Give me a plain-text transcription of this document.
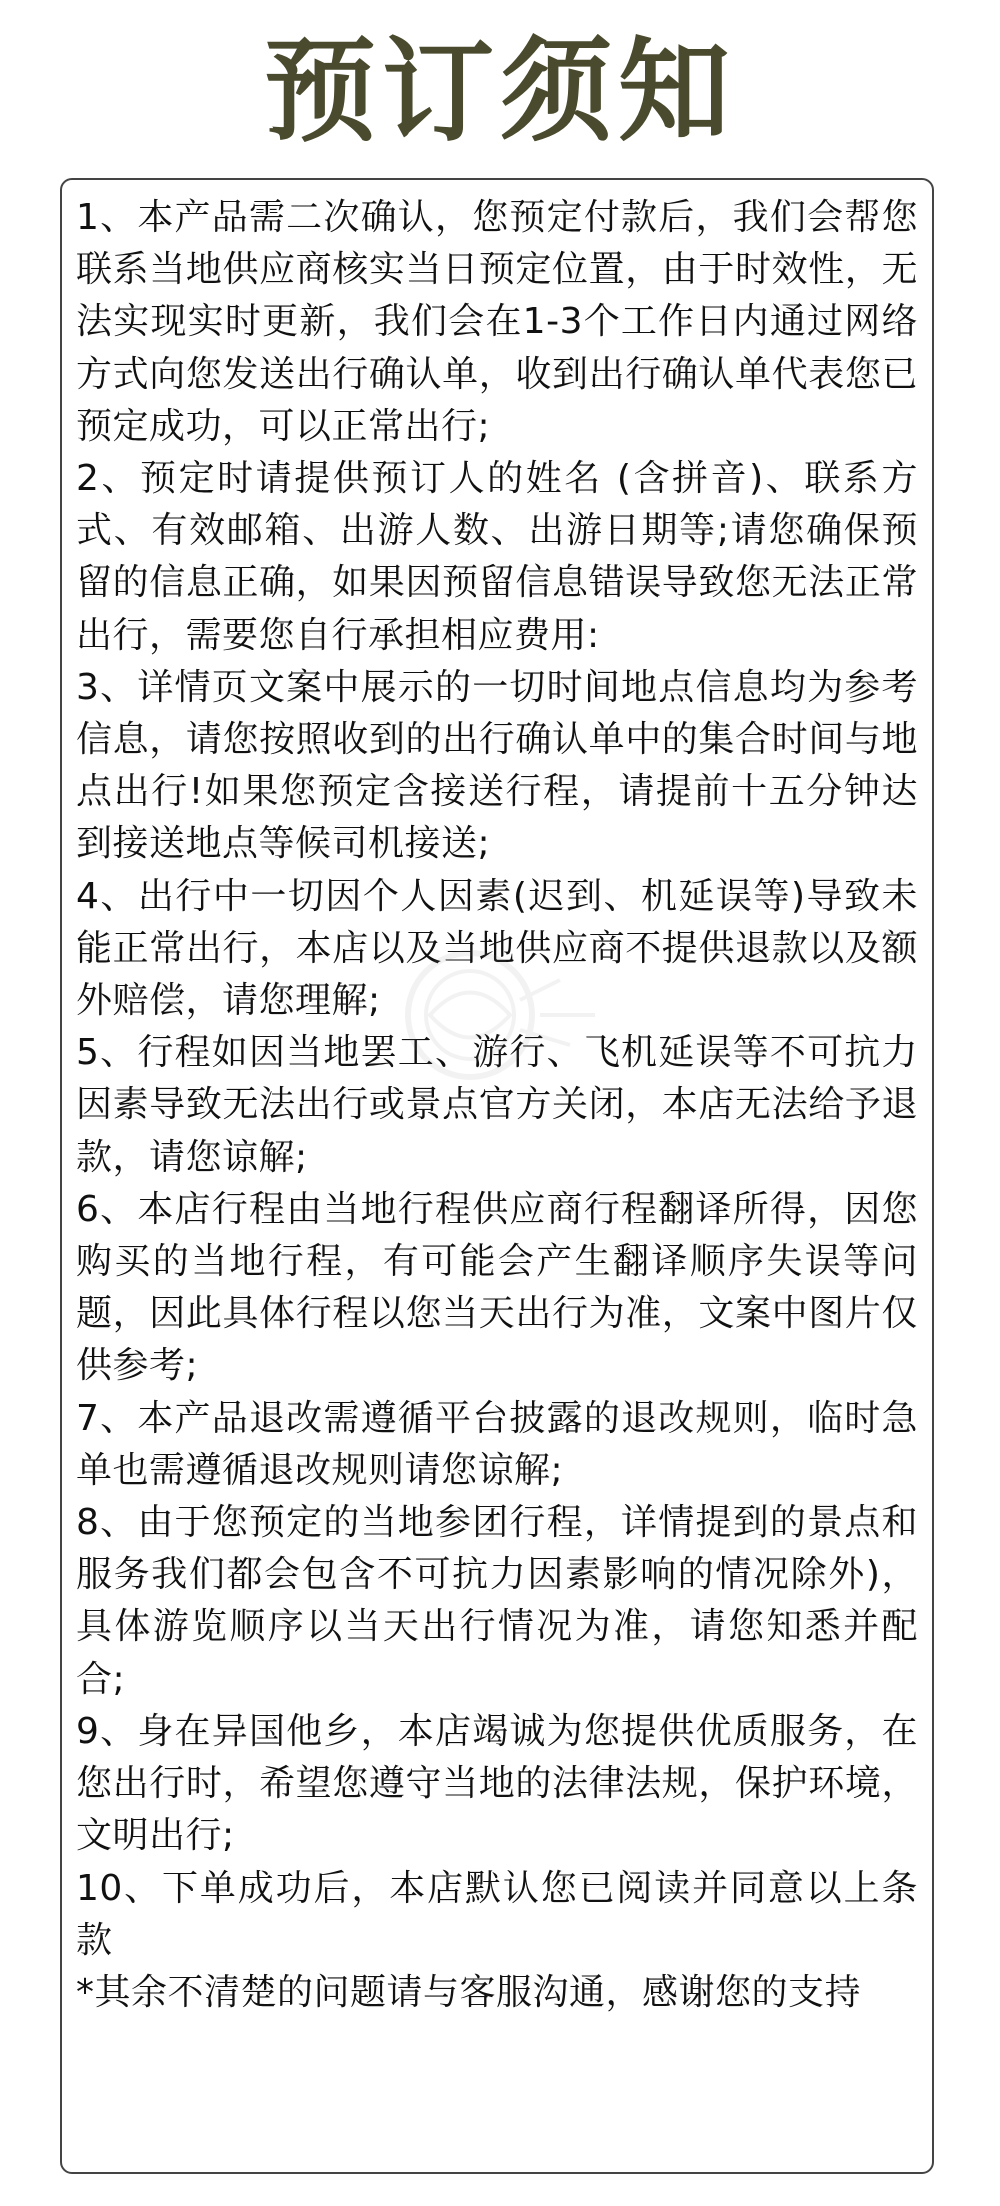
预订须知

1、本产品需二次确认，您预定付款后，我们会帮您联系当地供应商核实当日预定位置，由于时效性，无法实现实时更新，我们会在1-3个工作日内通过网络方式向您发送出行确认单，收到出行确认单代表您已预定成功，可以正常出行;

2、预定时请提供预订人的姓名 (含拼音)、联系方式、有效邮箱、出游人数、出游日期等;请您确保预留的信息正确，如果因预留信息错误导致您无法正常出行，需要您自行承担相应费用:

3、详情页文案中展示的一切时间地点信息均为参考信息，请您按照收到的出行确认单中的集合时间与地点出行!如果您预定含接送行程，请提前十五分钟达到接送地点等候司机接送;

4、出行中一切因个人因素(迟到、机延误等)导致未能正常出行，本店以及当地供应商不提供退款以及额外赔偿，请您理解;

5、行程如因当地罢工、游行、飞机延误等不可抗力因素导致无法出行或景点官方关闭，本店无法给予退款，请您谅解;

6、本店行程由当地行程供应商行程翻译所得，因您购买的当地行程，有可能会产生翻译顺序失误等问题，因此具体行程以您当天出行为准，文案中图片仅供参考;

7、本产品退改需遵循平台披露的退改规则，临时急单也需遵循退改规则请您谅解;

8、由于您预定的当地参团行程，详情提到的景点和服务我们都会包含不可抗力因素影响的情况除外)，具体游览顺序以当天出行情况为准，请您知悉并配合;

9、身在异国他乡，本店竭诚为您提供优质服务，在您出行时，希望您遵守当地的法律法规，保护环境，文明出行;

10、下单成功后，本店默认您已阅读并同意以上条款

*其余不清楚的问题请与客服沟通，感谢您的支持
